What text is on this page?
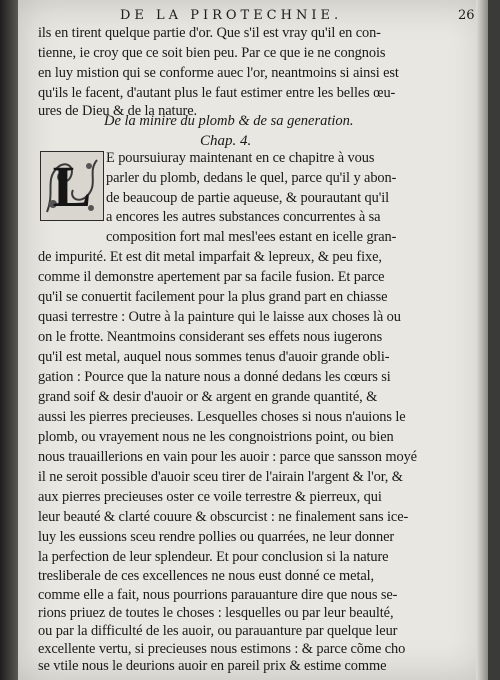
DE LA PIROTECHNIE.	26
ils en tirent quelque partie d'or. Que s'il est vray qu'il en con-
tienne, ie croy que ce soit bien peu. Par ce que ie ne congnois
en luy mistion qui se conforme auec l'or, neantmoins si ainsi est
qu'ils le facent, d'autant plus le faut estimer entre les belles œu-
ures de Dieu & de la nature.
De la minire du plomb & de sa generation.
Chap. 4.
L	E poursuiuray maintenant en ce chapitre à vous
parler du plomb, dedans le quel, parce qu'il y abon-
de beaucoup de partie aqueuse, & pourautant qu'il
a encores les autres substances concurrentes à sa
composition fort mal mesl'ees estant en icelle gran-
de impurité. Et est dit metal imparfait & lepreux, & peu fixe,
comme il demonstre apertement par sa facile fusion. Et parce
qu'il se conuertit facilement pour la plus grand part en chiasse
quasi terrestre : Outre à la painture qui le laisse aux choses là ou
on le frotte. Neantmoins considerant ses effets nous iugerons
qu'il est metal, auquel nous sommes tenus d'auoir grande obli-
gation : Pource que la nature nous a donné dedans les cœurs si
grand soif & desir d'auoir or & argent en grande quantité, &
aussi les pierres precieuses. Lesquelles choses si nous n'auions le
plomb, ou vrayement nous ne les congnoistrions point, ou bien
nous trauaillerions en vain pour les auoir : parce que sansson moyé
il ne seroit possible d'auoir sceu tirer de l'airain l'argent & l'or, &
aux pierres precieuses oster ce voile terrestre & pierreux, qui
leur beauté & clarté couure & obscurcist : ne finalement sans ice-
luy les eussions sceu rendre pollies ou quarrées, ne leur donner
la perfection de leur splendeur. Et pour conclusion si la nature
tresliberale de ces excellences ne nous eust donné ce metal,
comme elle a fait, nous pourrions parauanture dire que nous se-
rions priuez de toutes le choses : lesquelles ou par leur beaulté,
ou par la difficulté de les auoir, ou parauanture par quelque leur
excellente vertu, si precieuses nous estimons : & parce cõme cho
se vtile nous le deurions auoir en pareil prix & estime comme
